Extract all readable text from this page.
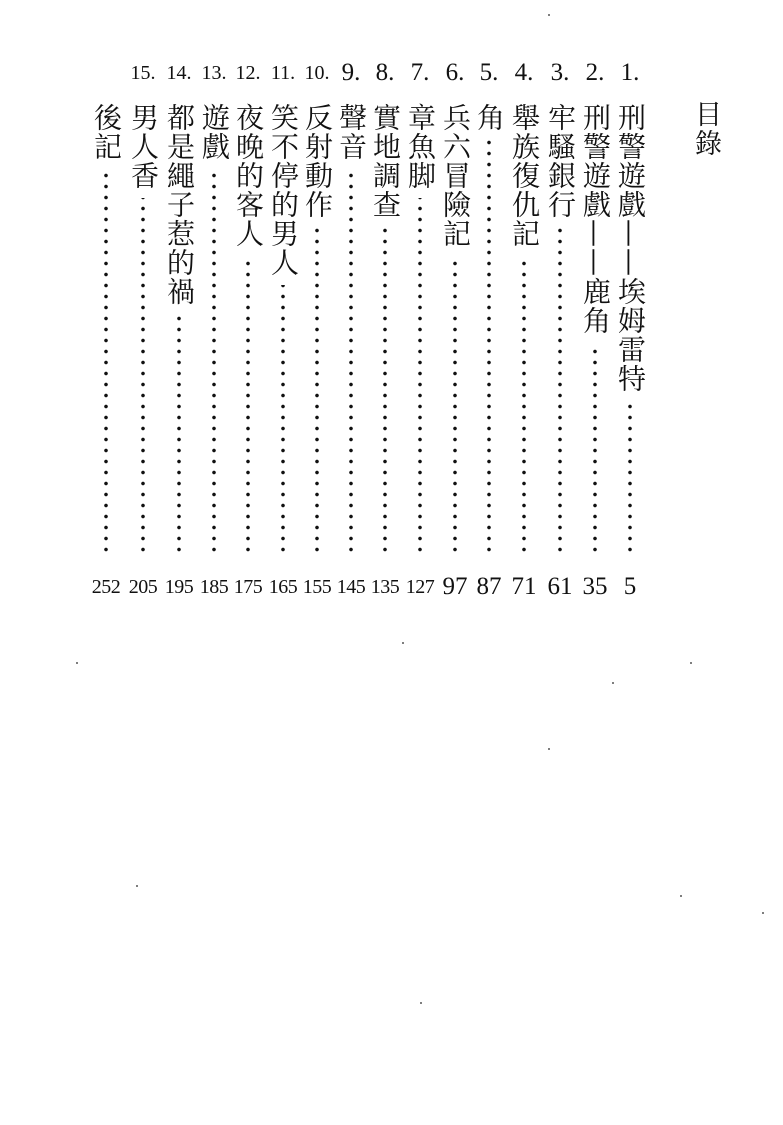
目錄
1.
刑警遊戲——埃姆雷特
5
2.
刑警遊戲——鹿角
35
3.
牢騷銀行
61
4.
舉族復仇記
71
5.
角
87
6.
兵六冒險記
97
7.
章魚脚
127
8.
實地調查
135
9.
聲音
145
10.
反射動作
155
11.
笑不停的男人
165
12.
夜晚的客人
175
13.
遊戲
185
14.
都是繩子惹的禍
195
15.
男人香
205
後記
252
